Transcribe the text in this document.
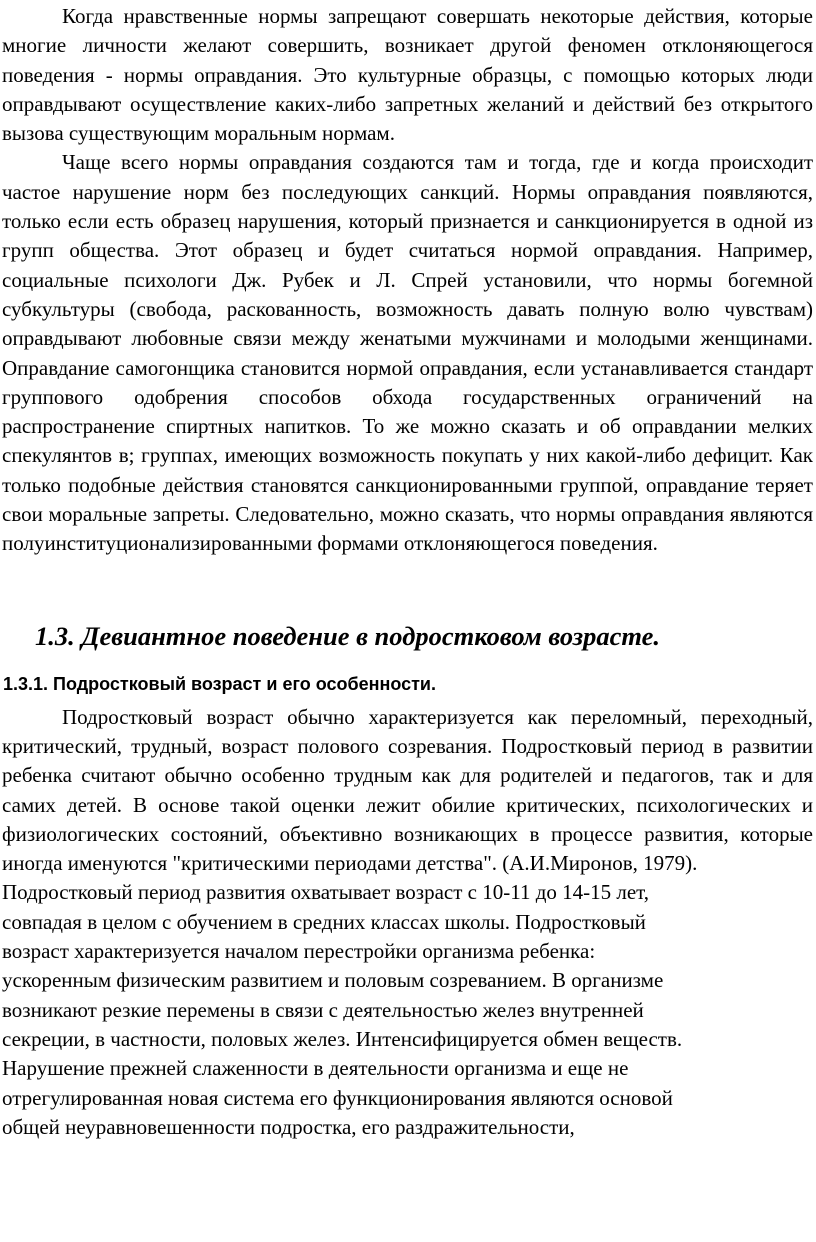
Когда нравственные нормы запрещают совершать некоторые действия, которые многие личности желают совершить, возникает другой феномен отклоняющегося поведения - нормы оправдания. Это культурные образцы, с помощью которых люди оправдывают осуществление каких-либо запретных желаний и действий без открытого вызова существующим моральным нормам.

Чаще всего нормы оправдания создаются там и тогда, где и когда происходит частое нарушение норм без последующих санкций. Нормы оправдания появляются, только если есть образец нарушения, который признается и санкционируется в одной из групп общества. Этот образец и будет считаться нормой оправдания. Например, социальные психологи Дж. Рубек и Л. Спрей установили, что нормы богемной субкультуры (свобода, раскованность, возможность давать полную волю чувствам) оправдывают любовные связи между женатыми мужчинами и молодыми женщинами. Оправдание самогонщика становится нормой оправдания, если устанавливается стандарт группового одобрения способов обхода государственных ограничений на распространение спиртных напитков. То же можно сказать и об оправдании мелких спекулянтов в; группах, имеющих возможность покупать у них какой-либо дефицит. Как только подобные действия становятся санкционированными группой, оправдание теряет свои моральные запреты. Следовательно, можно сказать, что нормы оправдания являются полуинституционализированными формами отклоняющегося поведения.

1.3. Девиантное поведение в подростковом возрасте.
1.3.1. Подростковый возраст и его особенности.

Подростковый возраст обычно характеризуется как переломный, переходный, критический, трудный, возраст полового созревания. Подростковый период в развитии ребенка считают обычно особенно трудным как для родителей и педагогов, так и для самих детей. В основе такой оценки лежит обилие критических, психологических и физиологических состояний, объективно возникающих в процессе развития, которые иногда именуются "критическими периодами детства". (А.И.Миронов, 1979).

Подростковый период развития охватывает возраст с 10-11 до 14-15 лет,

совпадая в целом с обучением в средних классах школы. Подростковый

возраст характеризуется началом перестройки организма ребенка:

ускоренным физическим развитием и половым созреванием. В организме

возникают резкие перемены в связи с деятельностью желез внутренней

секреции, в частности, половых желез. Интенсифицируется обмен веществ.

Нарушение прежней слаженности в деятельности организма и еще не

отрегулированная новая система его функционирования являются основой

общей неуравновешенности подростка, его раздражительности,
